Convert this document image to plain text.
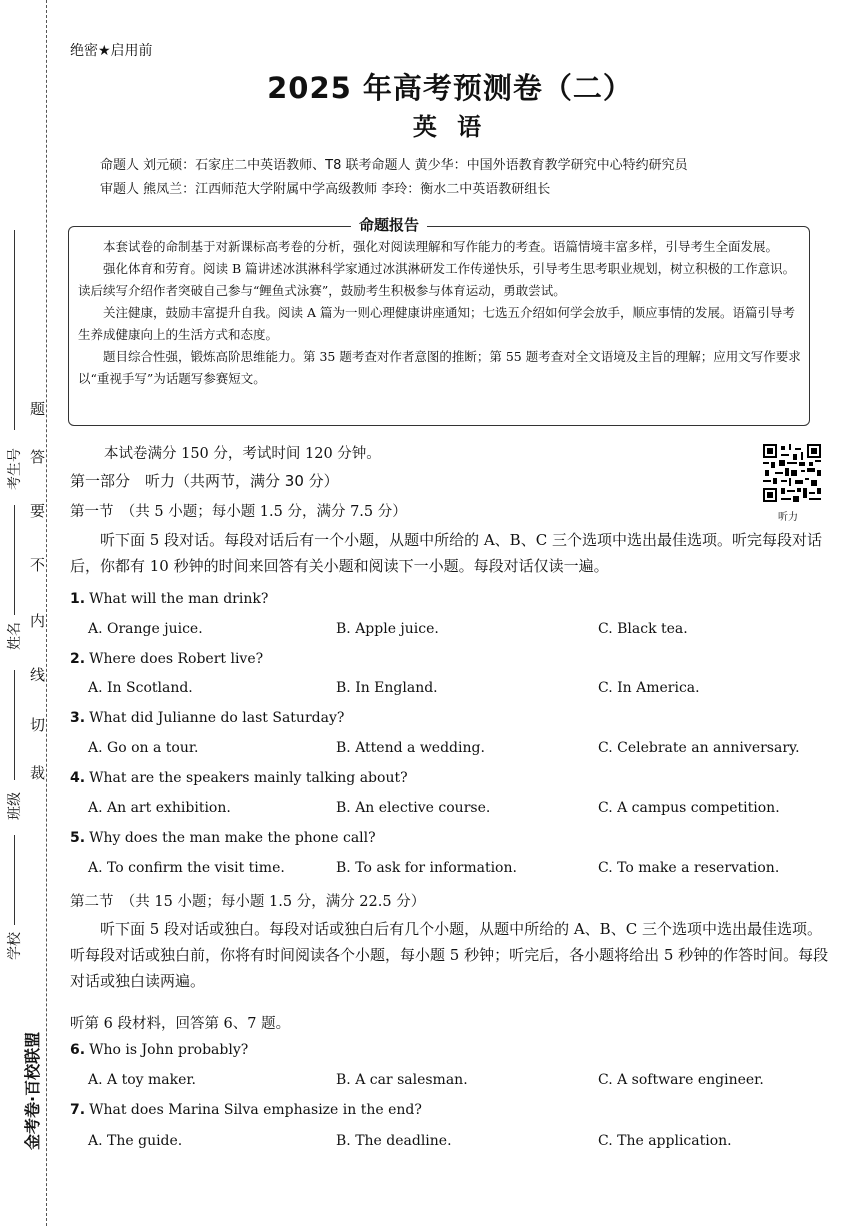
题
答
要
不
内
线
切
裁
考生号
姓名
班级
学校
金考卷·百校联盟
绝密★启用前
2025 年高考预测卷（二）
英 语
命题人 刘元硕：石家庄二中英语教师、T8 联考命题人 黄少华：中国外语教育教学研究中心特约研究员
审题人 熊凤兰：江西师范大学附属中学高级教师 李玲：衡水二中英语教研组长
命题报告

本套试卷的命制基于对新课标高考卷的分析，强化对阅读理解和写作能力的考查。语篇情境丰富多样，引导考生全面发展。

强化体育和劳育。阅读 B 篇讲述冰淇淋科学家通过冰淇淋研发工作传递快乐，引导考生思考职业规划，树立积极的工作意识。读后续写介绍作者突破自己参与“鲤鱼式泳赛”，鼓励考生积极参与体育运动，勇敢尝试。

关注健康，鼓励丰富提升自我。阅读 A 篇为一则心理健康讲座通知；七选五介绍如何学会放手，顺应事情的发展。语篇引导考生养成健康向上的生活方式和态度。

题目综合性强，锻炼高阶思维能力。第 35 题考查对作者意图的推断；第 55 题考查对全文语境及主旨的理解；应用文写作要求以“重视手写”为话题写参赛短文。

本试卷满分 150 分，考试时间 120 分钟。
第一部分　听力（共两节，满分 30 分）
听力
第一节　（共 5 小题；每小题 1.5 分，满分 7.5 分）

听下面 5 段对话。每段对话后有一个小题，从题中所给的 A、B、C 三个选项中选出最佳选项。听完每段对话后，你都有 10 秒钟的时间来回答有关小题和阅读下一小题。每段对话仅读一遍。

1. What will the man drink?
A. Orange juice.	B. Apple juice.	C. Black tea.
2. Where does Robert live?
A. In Scotland.	B. In England.	C. In America.
3. What did Julianne do last Saturday?
A. Go on a tour.	B. Attend a wedding.	C. Celebrate an anniversary.
4. What are the speakers mainly talking about?
A. An art exhibition.	B. An elective course.	C. A campus competition.
5. Why does the man make the phone call?
A. To confirm the visit time.	B. To ask for information.	C. To make a reservation.
第二节　（共 15 小题；每小题 1.5 分，满分 22.5 分）

听下面 5 段对话或独白。每段对话或独白后有几个小题，从题中所给的 A、B、C 三个选项中选出最佳选项。听每段对话或独白前，你将有时间阅读各个小题，每小题 5 秒钟；听完后，各小题将给出 5 秒钟的作答时间。每段对话或独白读两遍。

听第 6 段材料，回答第 6、7 题。
6. Who is John probably?
A. A toy maker.	B. A car salesman.	C. A software engineer.
7. What does Marina Silva emphasize in the end?
A. The guide.	B. The deadline.	C. The application.
